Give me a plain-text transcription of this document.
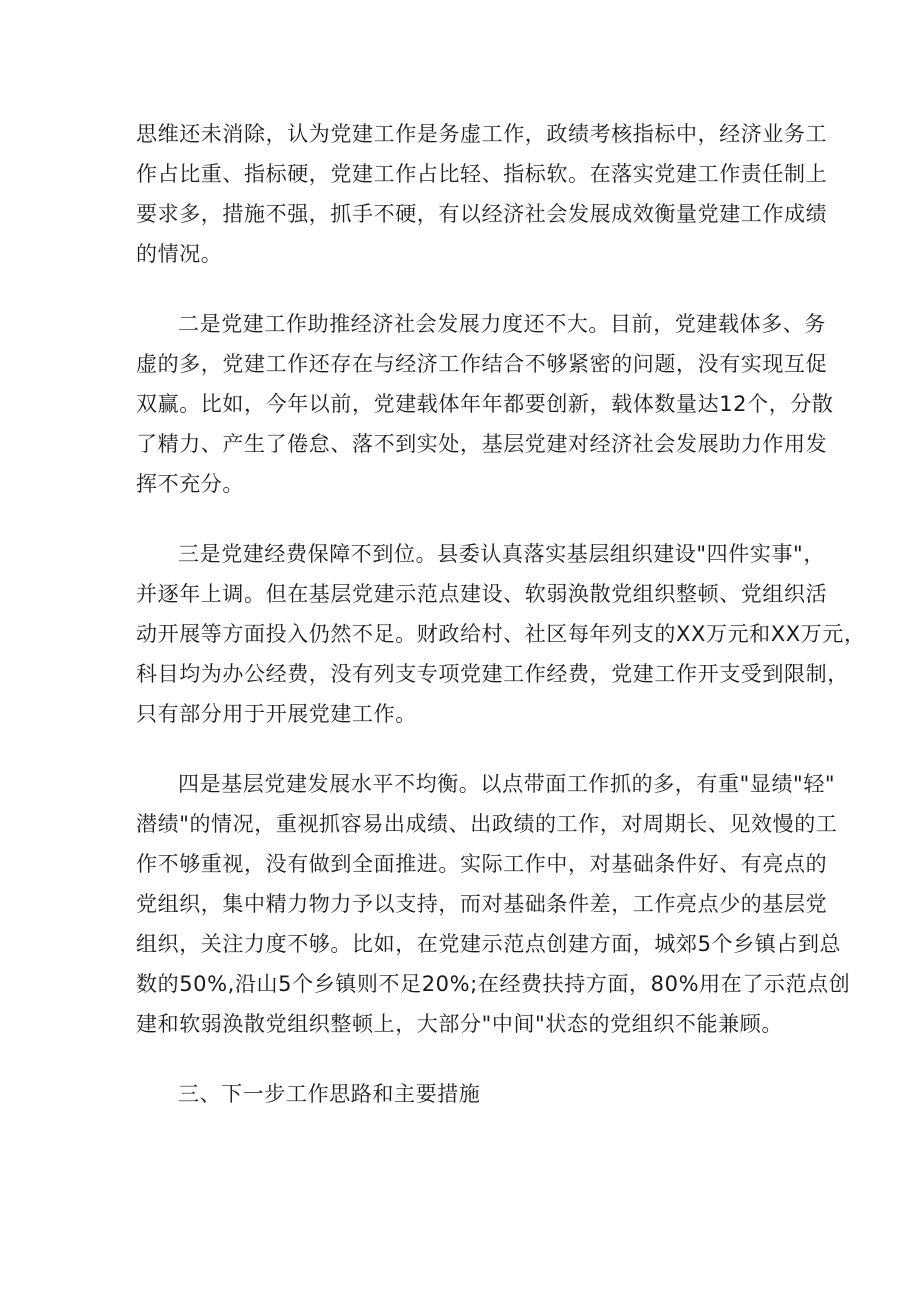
思维还未消除，认为党建工作是务虚工作，政绩考核指标中，经济业务工
作占比重、指标硬，党建工作占比轻、指标软。在落实党建工作责任制上
要求多，措施不强，抓手不硬，有以经济社会发展成效衡量党建工作成绩
的情况。
二是党建工作助推经济社会发展力度还不大。目前，党建载体多、务
虚的多，党建工作还存在与经济工作结合不够紧密的问题，没有实现互促
双赢。比如，今年以前，党建载体年年都要创新，载体数量达12个，分散
了精力、产生了倦怠、落不到实处，基层党建对经济社会发展助力作用发
挥不充分。
三是党建经费保障不到位。县委认真落实基层组织建设"四件实事"，
并逐年上调。但在基层党建示范点建设、软弱涣散党组织整顿、党组织活
动开展等方面投入仍然不足。财政给村、社区每年列支的XX万元和XX万元，
科目均为办公经费，没有列支专项党建工作经费，党建工作开支受到限制，
只有部分用于开展党建工作。
四是基层党建发展水平不均衡。以点带面工作抓的多，有重"显绩"轻"
潜绩"的情况，重视抓容易出成绩、出政绩的工作，对周期长、见效慢的工
作不够重视，没有做到全面推进。实际工作中，对基础条件好、有亮点的
党组织，集中精力物力予以支持，而对基础条件差，工作亮点少的基层党
组织，关注力度不够。比如，在党建示范点创建方面，城郊5个乡镇占到总
数的50%,沿山5个乡镇则不足20%;在经费扶持方面，80%用在了示范点创
建和软弱涣散党组织整顿上，大部分"中间"状态的党组织不能兼顾。
三、下一步工作思路和主要措施
